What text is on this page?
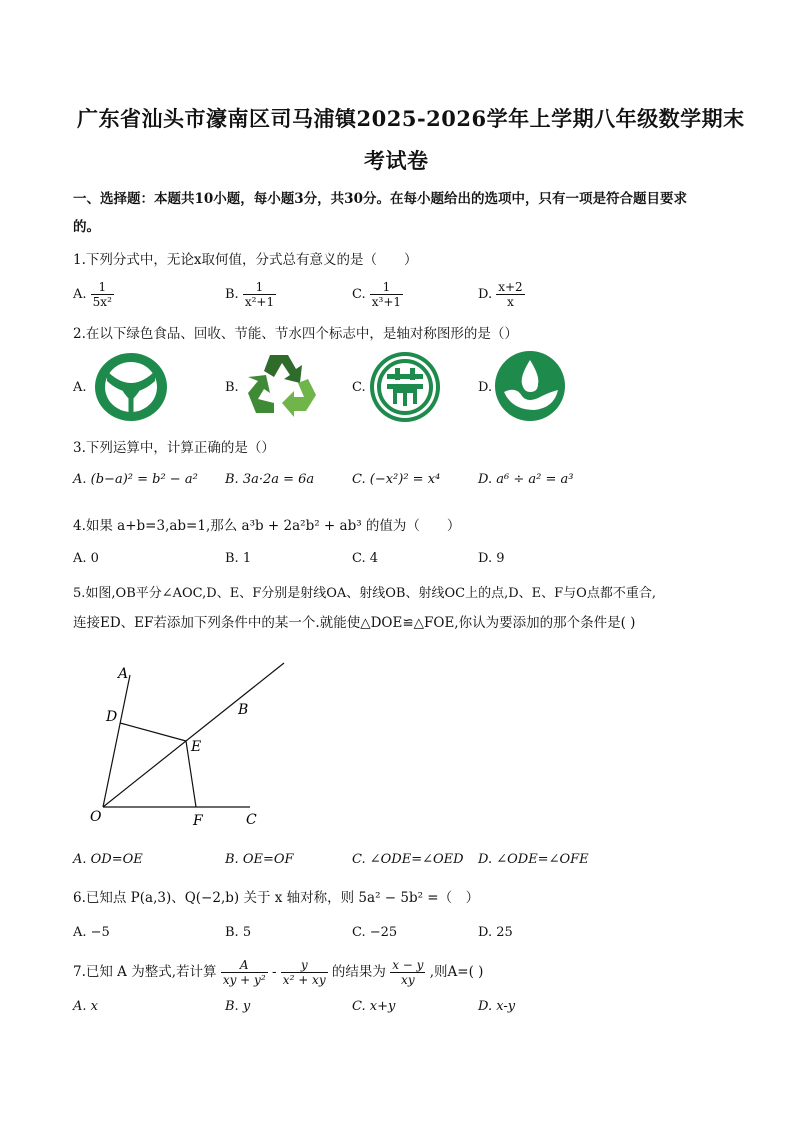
广东省汕头市濠南区司马浦镇2025-2026学年上学期八年级数学期末
考试卷
一、选择题：本题共10小题，每小题3分，共30分。在每小题给出的选项中，只有一项是符合题目要求
的。
1.下列分式中，无论x取何值，分式总有意义的是（　　）
A. $\frac{1}{\text{5x²}}$	B. $\frac{1}{\text{x²+1}}$	C. $\frac{1}{\text{x³+1}}$	D. $\frac{x+2}{x}$
2.在以下绿色食品、回收、节能、节水四个标志中，是轴对称图形的是（）
A.	B.	C.	D.
3.下列运算中，计算正确的是（）
A. (b−a)² = b² − a² B. 3a·2a = 6a	C. (−x²)² = x⁴	D. a⁶ ÷ a² = a³
4.如果 a+b=3,ab=1,那么 a³b + 2a²b² + ab³ 的值为（　　）
A. 0	B. 1	C. 4	D. 9
5.如图,OB平分∠AOC,D、E、F分别是射线OA、射线OB、射线OC上的点,D、E、F与O点都不重合,
连接ED、EF若添加下列条件中的某一个.就能使△DOE≌△FOE,你认为要添加的那个条件是( )
A
B
C
D
E
F
O
A. OD=OE	B. OE=OF	C. ∠ODE=∠OED D. ∠ODE=∠OFE
6.已知点 P(a,3)、Q(−2,b) 关于 x 轴对称，则 5a² − 5b² =（　）
A. −5	B. 5	C. −25	D. 25
7.已知 A 为整式,若计算 $\frac{A}{\text{xy + y²}} - \frac{y}{\text{x² + xy}}$ 的结果为 $\frac{x - y}{xy}$ ,则A=( )
A. x	B. y	C. x+y	D. x-y
